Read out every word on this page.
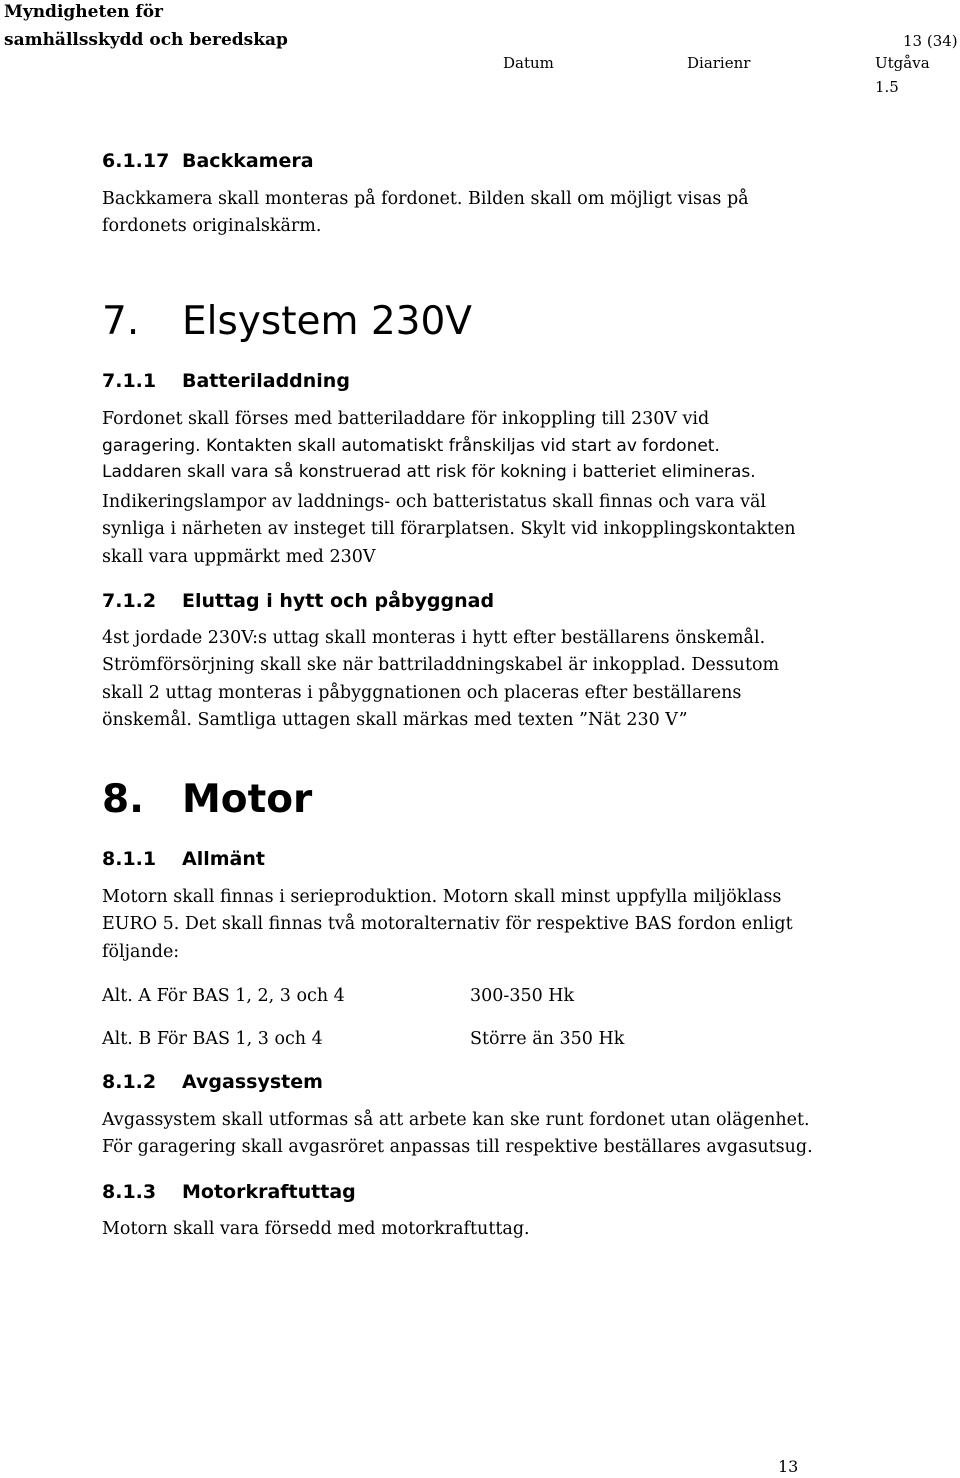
Myndigheten för
samhällsskydd och beredskap	13 (34)
Datum	Diarienr	Utgåva
1.5
6.1.17 Backkamera
Backkamera skall monteras på fordonet. Bilden skall om möjligt visas på
fordonets originalskärm.
7. Elsystem 230V
7.1.1 Batteriladdning
Fordonet skall förses med batteriladdare för inkoppling till 230V vid
garagering. Kontakten skall automatiskt frånskiljas vid start av fordonet.
Laddaren skall vara så konstruerad att risk för kokning i batteriet elimineras.
Indikeringslampor av laddnings- och batteristatus skall finnas och vara väl
synliga i närheten av insteget till förarplatsen. Skylt vid inkopplingskontakten
skall vara uppmärkt med 230V
7.1.2 Eluttag i hytt och påbyggnad
4st jordade 230V:s uttag skall monteras i hytt efter beställarens önskemål.
Strömförsörjning skall ske när battriladdningskabel är inkopplad. Dessutom
skall 2 uttag monteras i påbyggnationen och placeras efter beställarens
önskemål. Samtliga uttagen skall märkas med texten ”Nät 230 V”
8. Motor
8.1.1 Allmänt
Motorn skall finnas i serieproduktion. Motorn skall minst uppfylla miljöklass
EURO 5. Det skall finnas två motoralternativ för respektive BAS fordon enligt
följande:
Alt. A För BAS 1, 2, 3 och 4	300-350 Hk
Alt. B För BAS 1, 3 och 4	Större än 350 Hk
8.1.2 Avgassystem
Avgassystem skall utformas så att arbete kan ske runt fordonet utan olägenhet.
För garagering skall avgasröret anpassas till respektive beställares avgasutsug.
8.1.3 Motorkraftuttag
Motorn skall vara försedd med motorkraftuttag.
13
